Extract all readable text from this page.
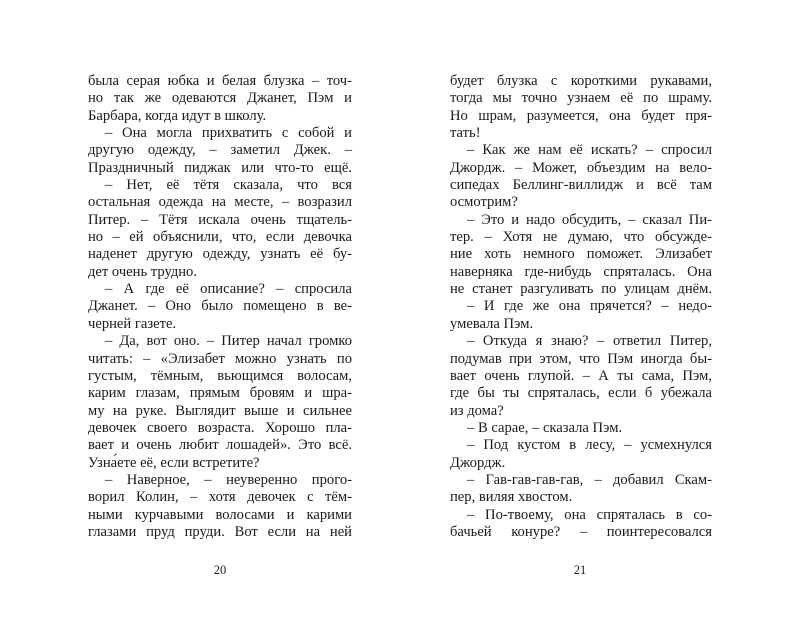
была серая юбка и белая блузка – точ-
но так же одеваются Джанет, Пэм и
Барбара, когда идут в школу.
– Она могла прихватить с собой и
другую одежду, – заметил Джек. –
Праздничный пиджак или что-то ещё.
– Нет, её тётя сказала, что вся
остальная одежда на месте, – возразил
Питер. – Тётя искала очень тщатель-
но – ей объяснили, что, если девочка
наденет другую одежду, узнать её бу-
дет очень трудно.
– А где её описание? – спросила
Джанет. – Оно было помещено в ве-
черней газете.
– Да, вот оно. – Питер начал громко
читать: – «Элизабет можно узнать по
густым, тёмным, вьющимся волосам,
карим глазам, прямым бровям и шра-
му на руке. Выглядит выше и сильнее
девочек своего возраста. Хорошо пла-
вает и очень любит лошадей». Это всё.
Узна́ете её, если встретите?
– Наверное, – неуверенно прого-
ворил Колин, – хотя девочек с тём-
ными курчавыми волосами и карими
глазами пруд пруди. Вот если на ней
будет блузка с короткими рукавами,
тогда мы точно узнаем её по шраму.
Но шрам, разумеется, она будет пря-
тать!
– Как же нам её искать? – спросил
Джордж. – Может, объездим на вело-
сипедах Беллинг-виллидж и всё там
осмотрим?
– Это и надо обсудить, – сказал Пи-
тер. – Хотя не думаю, что обсужде-
ние хоть немного поможет. Элизабет
наверняка где-нибудь спряталась. Она
не станет разгуливать по улицам днём.
– И где же она прячется? – недо-
умевала Пэм.
– Откуда я знаю? – ответил Питер,
подумав при этом, что Пэм иногда бы-
вает очень глупой. – А ты сама, Пэм,
где бы ты спряталась, если б убежала
из дома?
– В сарае, – сказала Пэм.
– Под кустом в лесу, – усмехнулся
Джордж.
– Гав-гав-гав-гав, – добавил Скам-
пер, виляя хвостом.
– По-твоему, она спряталась в со-
бачьей конуре? – поинтересовался
20	21
